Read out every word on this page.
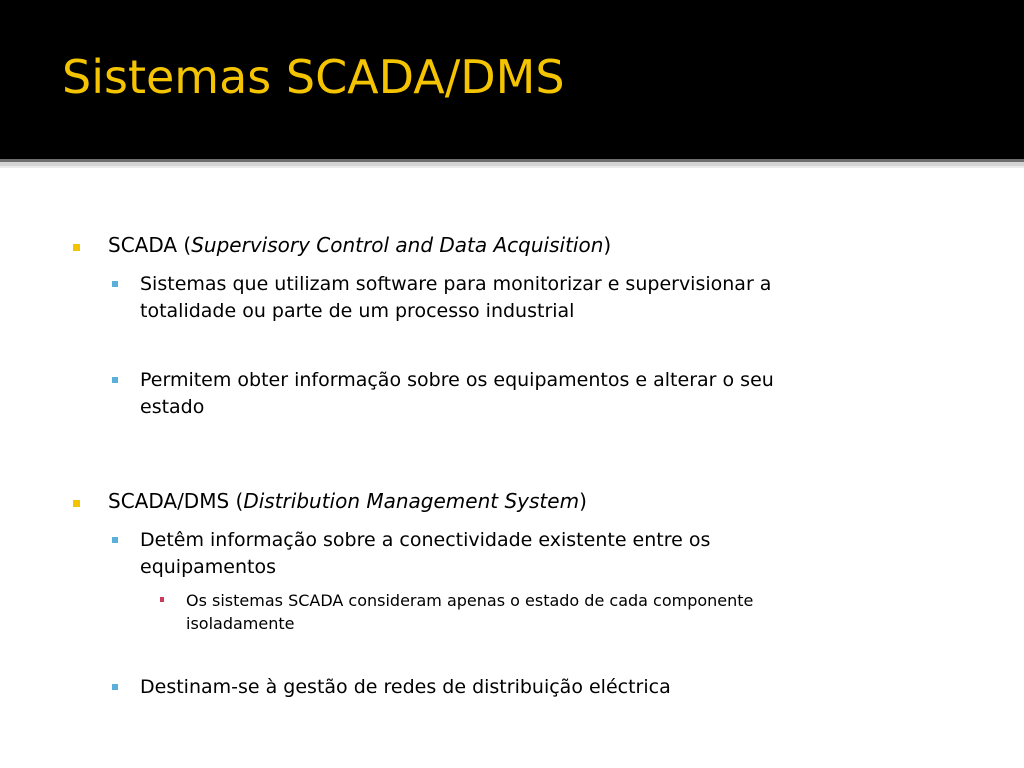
Sistemas SCADA/DMS
SCADA (Supervisory Control and Data Acquisition)
Sistemas que utilizam software para monitorizar e supervisionar a
totalidade ou parte de um processo industrial
Permitem obter informação sobre os equipamentos e alterar o seu
estado
SCADA/DMS (Distribution Management System)
Detêm informação sobre a conectividade existente entre os
equipamentos
Os sistemas SCADA consideram apenas o estado de cada componente
isoladamente
Destinam-se à gestão de redes de distribuição eléctrica
